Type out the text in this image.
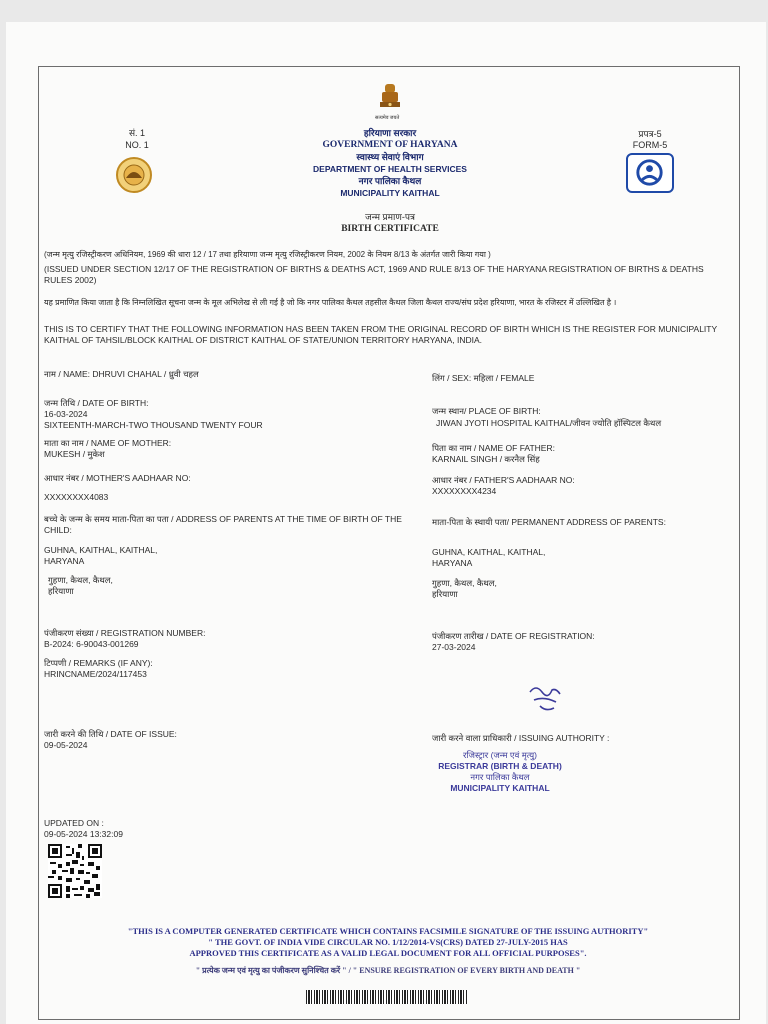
सत्यमेव जयते
सं. 1
NO. 1
प्रपत्र-5
FORM-5
हरियाणा सरकार
GOVERNMENT OF HARYANA
स्वास्थ्य सेवाएं विभाग
DEPARTMENT OF HEALTH SERVICES
नगर पालिका कैथल
MUNICIPALITY KAITHAL
जन्म प्रमाण-पत्र
BIRTH CERTIFICATE
(जन्म मृत्यु रजिस्ट्रीकरण अधिनियम, 1969 की धारा 12 / 17 तथा हरियाणा जन्म मृत्यु रजिस्ट्रीकरण नियम, 2002 के नियम 8/13 के अंतर्गत जारी किया गया )
(ISSUED UNDER SECTION 12/17 OF THE REGISTRATION OF BIRTHS & DEATHS ACT, 1969 AND RULE 8/13 OF THE HARYANA REGISTRATION OF BIRTHS & DEATHS RULES 2002)
यह प्रमाणित किया जाता है कि निम्नलिखित सूचना जन्म के मूल अभिलेख से ली गई है जो कि नगर पालिका कैथल तहसील कैथल जिला कैथल राज्य/संघ प्रदेश हरियाणा, भारत के रजिस्टर में उल्लिखित है ।
THIS IS TO CERTIFY THAT THE FOLLOWING INFORMATION HAS BEEN TAKEN FROM THE ORIGINAL RECORD OF BIRTH WHICH IS THE REGISTER FOR MUNICIPALITY KAITHAL OF TAHSIL/BLOCK KAITHAL OF DISTRICT KAITHAL OF STATE/UNION TERRITORY HARYANA, INDIA.
नाम / NAME: DHRUVI CHAHAL / ध्रुवी चहल
जन्म तिथि / DATE OF BIRTH:
16-03-2024
SIXTEENTH-MARCH-TWO THOUSAND TWENTY FOUR
माता का नाम / NAME OF MOTHER:
MUKESH / मुकेश
आधार नंबर / MOTHER'S AADHAAR NO:
XXXXXXXX4083
बच्चे के जन्म के समय माता-पिता का पता / ADDRESS OF PARENTS AT THE TIME OF BIRTH OF THE CHILD:
GUHNA, KAITHAL, KAITHAL,
HARYANA
गुहणा, कैथल, कैथल,
हरियाणा
पंजीकरण संख्या / REGISTRATION NUMBER:
B-2024: 6-90043-001269
टिप्पणी / REMARKS (IF ANY):
HRINCNAME/2024/117453
जारी करने की तिथि / DATE OF ISSUE:
09-05-2024
UPDATED ON :
09-05-2024 13:32:09
लिंग / SEX: महिला / FEMALE
जन्म स्थान/ PLACE OF BIRTH:
JIWAN JYOTI HOSPITAL KAITHAL/जीवन ज्योति हॉस्पिटल कैथल
पिता का नाम / NAME OF FATHER:
KARNAIL SINGH / करनैल सिंह
आधार नंबर / FATHER'S AADHAAR NO:
XXXXXXXX4234
माता-पिता के स्थायी पता/ PERMANENT ADDRESS OF PARENTS:
GUHNA, KAITHAL, KAITHAL,
HARYANA
गुहणा, कैथल, कैथल,
हरियाणा
पंजीकरण तारीख / DATE OF REGISTRATION:
27-03-2024
जारी करने वाला प्राधिकारी / ISSUING AUTHORITY :
रजिस्ट्रार (जन्म एवं मृत्यु)
REGISTRAR (BIRTH & DEATH)
नगर पालिका कैथल
MUNICIPALITY KAITHAL
"THIS IS A COMPUTER GENERATED CERTIFICATE WHICH CONTAINS FACSIMILE SIGNATURE OF THE ISSUING AUTHORITY"
" THE GOVT. OF INDIA VIDE CIRCULAR NO. 1/12/2014-VS(CRS) DATED 27-JULY-2015 HAS
APPROVED THIS CERTIFICATE AS A VALID LEGAL DOCUMENT FOR ALL OFFICIAL PURPOSES".
" प्रत्येक जन्म एवं मृत्यु का पंजीकरण सुनिश्चित करें " / " ENSURE REGISTRATION OF EVERY BIRTH AND DEATH "
